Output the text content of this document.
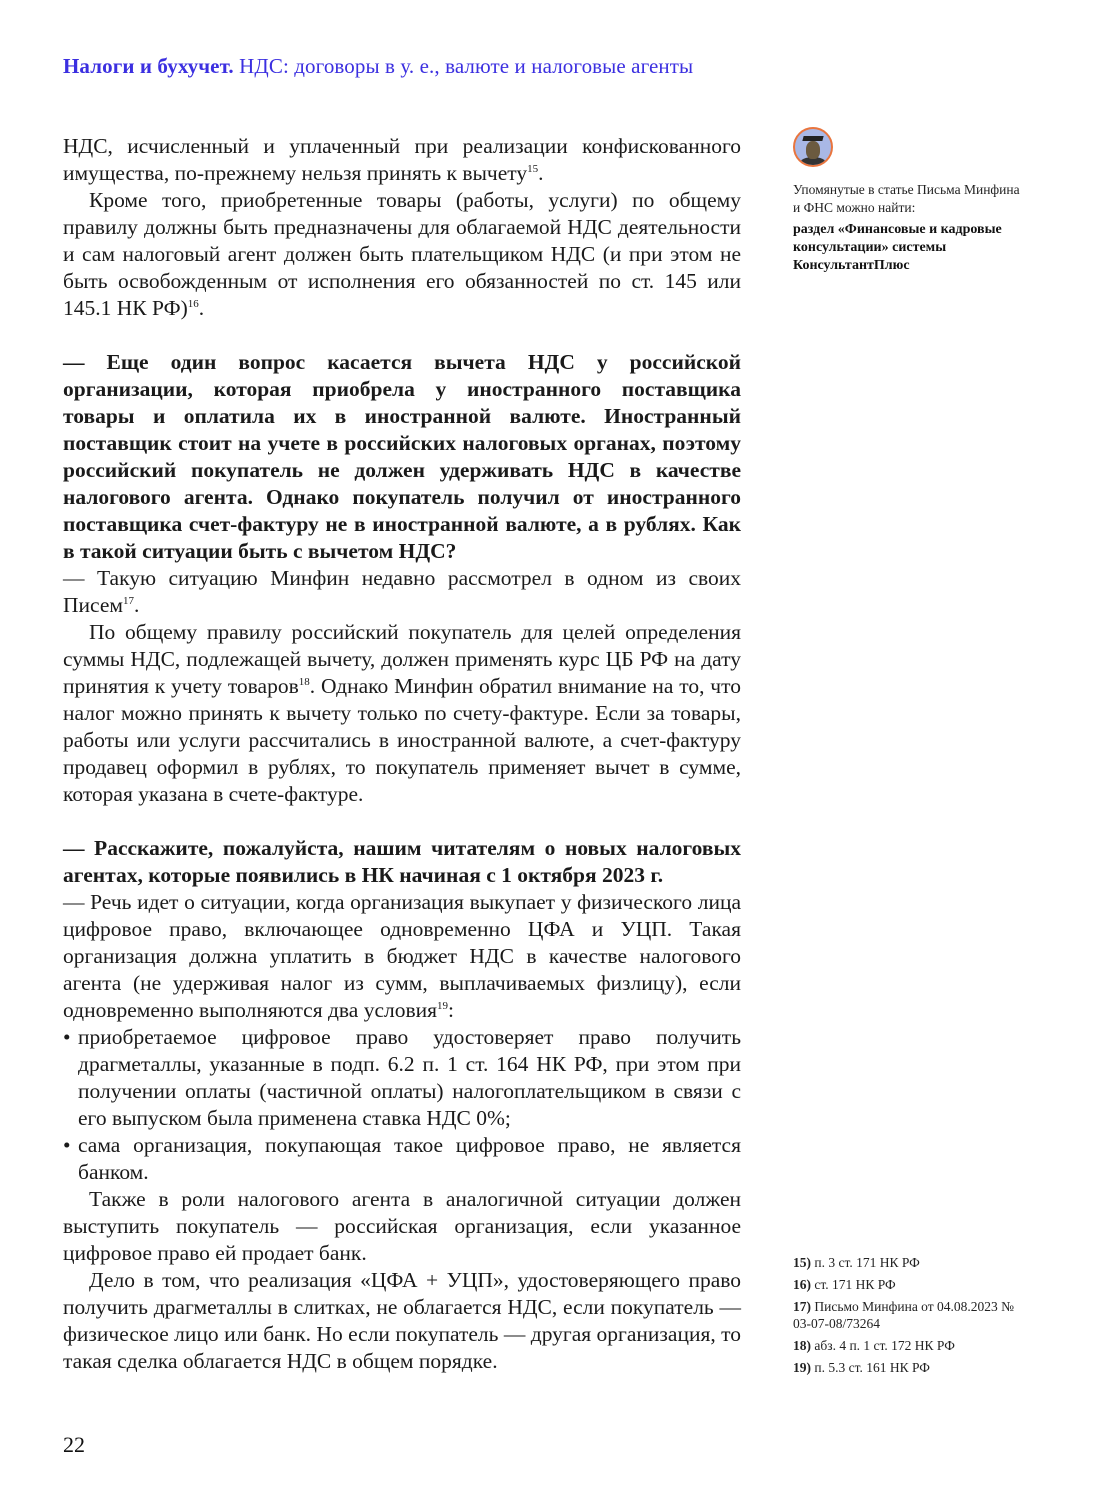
Налоги и бухучет. НДС: договоры в у. е., валюте и налоговые агенты

НДС, исчисленный и уплаченный при реализации конфискованного имущества, по-прежнему нельзя принять к вычету$^{15}$.

Кроме того, приобретенные товары (работы, услуги) по общему правилу должны быть предназначены для облагаемой НДС деятельности и сам налоговый агент должен быть плательщиком НДС (и при этом не быть освобожденным от исполнения его обязанностей по ст. 145 или 145.1 НК РФ)$^{16}$.

— Еще один вопрос касается вычета НДС у российской организации, которая приобрела у иностранного поставщика товары и оплатила их в иностранной валюте. Иностранный поставщик стоит на учете в российских налоговых органах, поэтому российский покупатель не должен удерживать НДС в качестве налогового агента. Однако покупатель получил от иностранного поставщика счет-фактуру не в иностранной валюте, а в рублях. Как в такой ситуации быть с вычетом НДС?

— Такую ситуацию Минфин недавно рассмотрел в одном из своих Писем$^{17}$.

По общему правилу российский покупатель для целей определения суммы НДС, подлежащей вычету, должен применять курс ЦБ РФ на дату принятия к учету товаров$^{18}$. Однако Минфин обратил внимание на то, что налог можно принять к вычету только по счету-фактуре. Если за товары, работы или услуги рассчитались в иностранной валюте, а счет-фактуру продавец оформил в рублях, то покупатель применяет вычет в сумме, которая указана в счете-фактуре.

— Расскажите, пожалуйста, нашим читателям о новых налоговых агентах, которые появились в НК начиная с 1 октября 2023 г.

— Речь идет о ситуации, когда организация выкупает у физического лица цифровое право, включающее одновременно ЦФА и УЦП. Такая организация должна уплатить в бюджет НДС в качестве налогового агента (не удерживая налог из сумм, выплачиваемых физлицу), если одновременно выполняются два условия$^{19}$:

• приобретаемое цифровое право удостоверяет право получить драгметаллы, указанные в подп. 6.2 п. 1 ст. 164 НК РФ, при этом при получении оплаты (частичной оплаты) налогоплательщиком в связи с его выпуском была применена ставка НДС 0%;
• сама организация, покупающая такое цифровое право, не является банком.

Также в роли налогового агента в аналогичной ситуации должен выступить покупатель — российская организация, если указанное цифровое право ей продает банк.

Дело в том, что реализация «ЦФА + УЦП», удостоверяющего право получить драгметаллы в слитках, не облагается НДС, если покупатель — физическое лицо или банк. Но если покупатель — другая организация, то такая сделка облагается НДС в общем порядке.

Упомянутые в статье Письма Минфина и ФНС можно найти:
раздел «Финансовые и кадровые консультации» системы КонсультантПлюс
15) п. 3 ст. 171 НК РФ
16) ст. 171 НК РФ
17) Письмо Минфина от 04.08.2023 № 03-07-08/73264
18) абз. 4 п. 1 ст. 172 НК РФ
19) п. 5.3 ст. 161 НК РФ
22
